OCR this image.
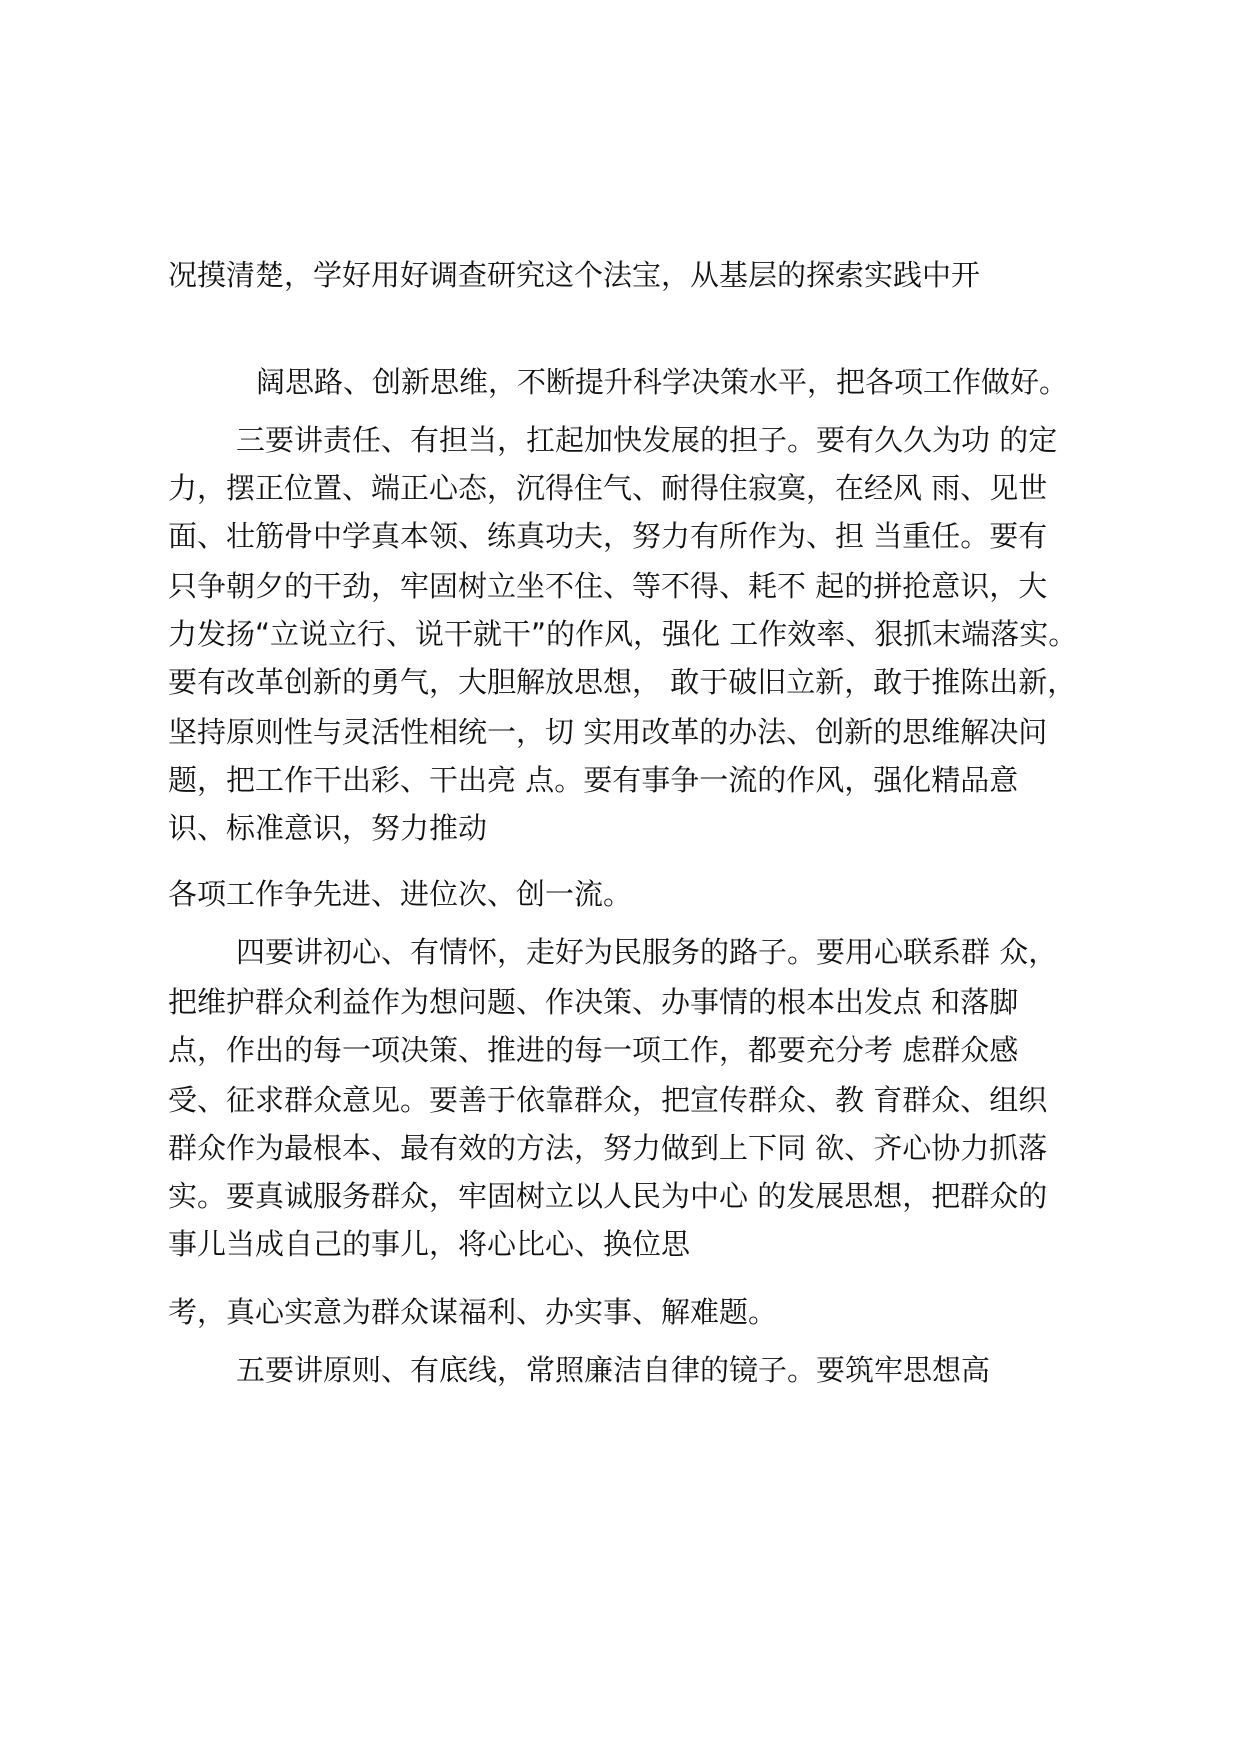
况摸清楚，学好用好调查研究这个法宝，从基层的探索实践中开
阔思路、创新思维，不断提升科学决策水平，把各项工作做好。
三要讲责任、有担当，扛起加快发展的担子。要有久久为功 的定
力，摆正位置、端正心态，沉得住气、耐得住寂寞，在经风 雨、见世
面、壮筋骨中学真本领、练真功夫，努力有所作为、担 当重任。要有
只争朝夕的干劲，牢固树立坐不住、等不得、耗不 起的拼抢意识，大
力发扬“立说立行、说干就干”的作风，强化 工作效率、狠抓末端落实。
要有改革创新的勇气，大胆解放思想， 敢于破旧立新，敢于推陈出新，
坚持原则性与灵活性相统一，切 实用改革的办法、创新的思维解决问
题，把工作干出彩、干出亮 点。要有事争一流的作风，强化精品意
识、标准意识，努力推动
各项工作争先进、进位次、创一流。
四要讲初心、有情怀，走好为民服务的路子。要用心联系群 众，
把维护群众利益作为想问题、作决策、办事情的根本出发点 和落脚
点，作出的每一项决策、推进的每一项工作，都要充分考 虑群众感
受、征求群众意见。要善于依靠群众，把宣传群众、教 育群众、组织
群众作为最根本、最有效的方法，努力做到上下同 欲、齐心协力抓落
实。要真诚服务群众，牢固树立以人民为中心 的发展思想，把群众的
事儿当成自己的事儿，将心比心、换位思
考，真心实意为群众谋福利、办实事、解难题。
五要讲原则、有底线，常照廉洁自律的镜子。要筑牢思想高
